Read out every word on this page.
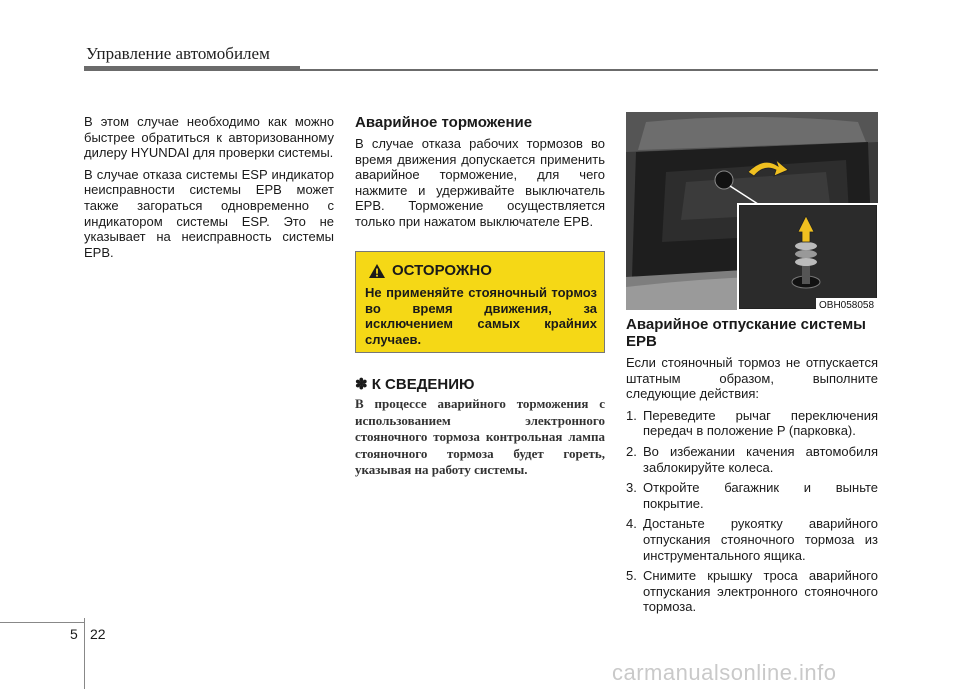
Управление автомобилем

В этом случае необходимо как можно быстрее обратиться к авторизованному дилеру HYUNDAI для проверки системы.

В случае отказа системы ESP индикатор неисправности системы EPB может также загораться одновременно с индикатором системы ESP. Это не указывает на неисправность системы EPB.

Аварийное торможение

В случае отказа рабочих тормозов во время движения допускается применить аварийное торможение, для чего нажмите и удерживайте выключатель EPB. Торможение осуществляется только при нажатом выключателе EPB.

ОСТОРОЖНО
Не применяйте стояночный тормоз во время движения, за исключением самых крайних случаев.
✽ К СВЕДЕНИЮ
В процессе аварийного торможения с использованием электронного стояночного тормоза контрольная лампа стояночного тормоза будет гореть, указывая на работу системы.
OBH058058
Аварийное отпускание системы EPB

Если стояночный тормоз не отпускается штатным образом, выполните следующие действия:

1. Переведите рычаг переключения передач в положение P (парковка).
2. Во избежании качения автомобиля заблокируйте колеса.
3. Откройте багажник и выньте покрытие.
4. Достаньте рукоятку аварийного отпускания стояночного тормоза из инструментального ящика.
5. Снимите крышку троса аварийного отпускания электронного стояночного тормоза.
5 22
carmanualsonline.info
